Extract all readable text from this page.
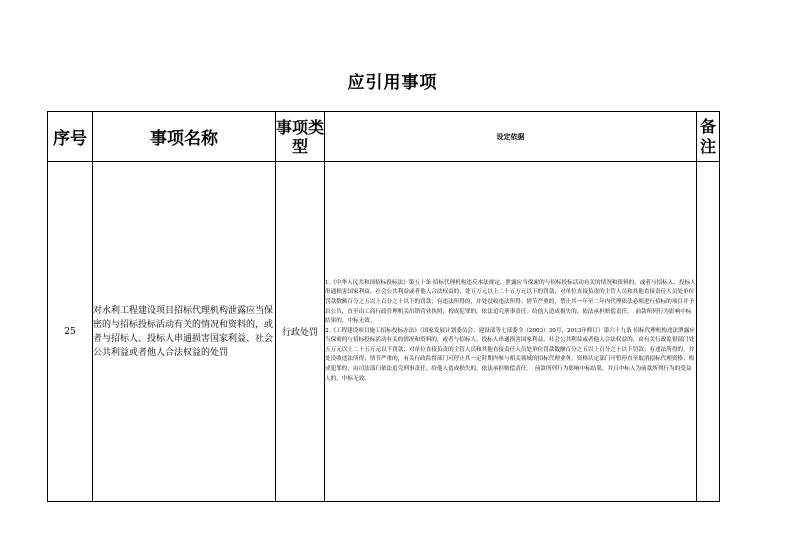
应引用事项
序号	事项名称	事项类型	设定依据	备注
25	对水利工程建设项目招标代理机构泄露应当保密的与招标投标活动有关的情况和资料的，或者与招标人、投标人串通损害国家利益、社会公共利益或者他人合法权益的处罚	行政处罚	1.《中华人民共和国招标投标法》第五十条 招标代理机构违反本法规定，泄露应当保密的与招标投标活动有关的情况和资料的，或者与招标人、投标人串通损害国家利益、社会公共利益或者他人合法权益的，处五万元以上二十五万元以下的罚款，对单位直接负责的主管人员和其他直接责任人员处单位罚款数额百分之五以上百分之十以下的罚款；有违法所得的，并处没收违法所得；情节严重的，禁止其一年至二年内代理依法必须进行招标的项目并予以公告，直至由工商行政管理机关吊销营业执照；构成犯罪的，依法追究刑事责任。给他人造成损失的，依法承担赔偿责任。　前款所列行为影响中标结果的，中标无效。

2.《工程建设项目施工招标投标办法》（国家发展计划委员会、建设部等七部委令（2003）30号，2013年修订）第六十九条 招标代理机构违法泄露应当保密的与招标投标活动有关的情况和资料的，或者与招标人、投标人串通损害国家利益、社会公共利益或者他人合法权益的，由有关行政监督部门处五万元以上二十五万元以下罚款，对单位直接负责的主管人员和其他直接责任人员处单位罚款数额百分之五以上百分之十以下罚款；有违法所得的，并处没收违法所得；情节严重的，有关行政监督部门可停止其一定时期内参与相关领域的招标代理业务，资格认定部门可暂停直至取消招标代理资格；构成犯罪的，由司法部门依法追究刑事责任。给他人造成损失的，依法承担赔偿责任。　前款所列行为影响中标结果，并且中标人为前款所列行为的受益人的，中标无效。	
